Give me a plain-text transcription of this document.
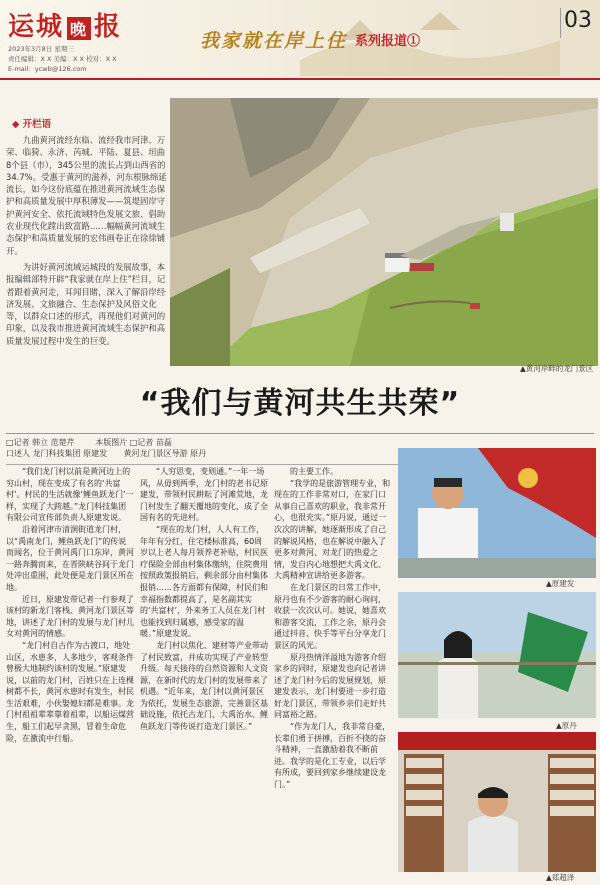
运城 晚 报
2023年3月8日 星期三
责任编辑：X X 美编：X X 校对：X X
E-mail：ycwb@126.com
我家就在岸上住 系列报道①
03
◆ 开栏语

九曲黄河流经东临、流经我市河津、万荣、临猗、永济、芮城、平陆、夏县、垣曲8个县（市），345公里的流长占到山西省的34.7%。受惠于黄河的滋养，河东根脉绵延流长，如今这份底蕴在推进黄河流域生态保护和高质量发展中厚积薄发——筑堤固岸守护黄河安全、依托流域特色发展文旅、倡助农业现代化蹚出致富路……幅幅黄河流域生态保护和高质量发展的宏伟画卷正在徐徐铺开。

为讲好黄河流域运城段的发展故事，本报编辑部特开辟“我家就在岸上住”栏目，记者跟着黄河走，耳闻目睹，深入了解沿岸经济发展、文旅融合、生态保护及风俗文化等，以群众口述的形式，再现他们对黄河的印象，以及我市推进黄河流域生态保护和高质量发展过程中发生的巨变。

▲黄河岸畔的龙门景区
“我们与黄河共生共荣”
□记者 韩立 范楚芹	本版图片 □记者 苗磊
口述人 龙门科技集团 原建发 黄河龙门景区导游 原丹

“我们龙门村以前是黄河边上的穷山村，现在变成了有名的‘共富村’。村民的生活就像‘鲤鱼跃龙门’一样，实现了大跨越。”龙门科技集团有限公司宣传部负责人原建发说。

沿着河津市清涧街道龙门村，以“禹南龙门，鲤鱼跃龙门”的传说而闻名，位于黄河禹门口东岸，黄河一路奔腾而来，在晋陕峡谷间于龙门处冲出重围，此处便是龙门景区所在地。

近日，原建发带记者一行参观了该村的新龙门客栈、黄河龙门景区等地，讲述了龙门村的发展与龙门村儿女对黄河的情感。

“龙门村自古作为古渡口，地处山区，水患多，人多地少，客观条件曾极大地制约该村的发展。”原建发说，以前的龙门村，百姓只在上连棵树都不长，黄河水患时有发生，村民生活艰难，小伙娶媳妇都是难事。龙门村祖祖辈辈靠着祖辈，以船运煤营生，船工们起早贪黑，冒着生命危险，在激流中行船。

“人穷思变，变则通。”一年一场风，从毋到两季，龙门村的老书记原建发，带领村民耕耘了河滩荒地，龙门村发生了翻天覆地的变化，成了全国有名的先进村。

“现在的龙门村，人人有工作，年年有分红，住宅楼标准高，60周岁以上老人每月领养老补贴，村民医疗保险全部由村集体缴纳，住院费用按照政策报销后，剩余部分由村集体报销……各方面都有保障，村民们和幸福指数都提高了，是名副其实的‘共富村’，外来务工人员在龙门村也能找到归属感，感受家的温暖。”原建发说。

龙门村以焦化、建材等产业带动了村民致富，并成功实现了产业转型升级。每天接待的自然资源和人文资源，在新时代的龙门村的发展带来了机遇。“近年来，龙门村以黄河景区为依托，发展生态旅游，完善景区基础设施，依托古龙门、大禹治水、鲤鱼跃龙门等传说打造龙门景区。”

的主要工作。

“我学的是旅游管理专业，和现在的工作非常对口，在家门口从事自己喜欢的职业，我非常开心，也很充实。”原丹说，通过一次次的讲解，她逐渐形成了自己的解说风格，也在解说中融入了更多对黄河、对龙门的热爱之情，发自内心地想把大禹文化、大禹精神宣讲给更多游客。

在龙门景区的日常工作中，原丹也有不少游客的耐心询问，收获一次次认可。她说，她喜欢和游客交流，工作之余，原丹会通过抖音、快手等平台分享龙门景区的风光。

原丹热情洋溢地为游客介绍家乡的同时，原建发也向记者讲述了龙门村今后的发展规划，原建发表示，龙门村要进一步打造好龙门景区，带领乡亲们走好共同富裕之路。

“作为龙门人，我非常自豪，长辈们勇于拼搏，百折不挠的奋斗精神，一直激励着我不断前进。我学的是化工专业，以后学有所成，要回到家乡继续建设龙门。”

▲原建发
▲原丹
▲郑超泽
